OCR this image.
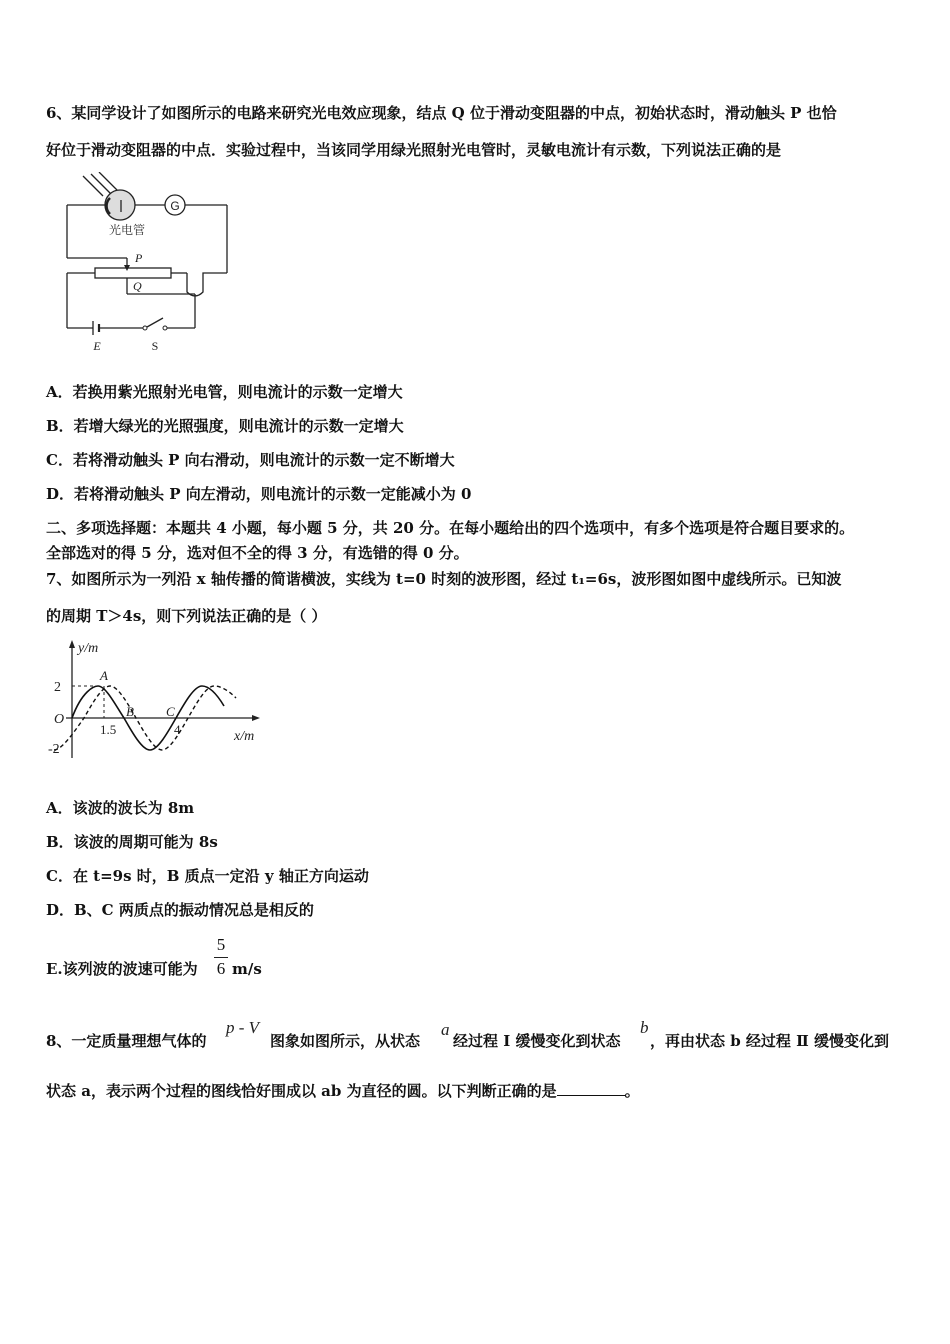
6、某同学设计了如图所示的电路来研究光电效应现象，结点 Q 位于滑动变阻器的中点，初始状态时，滑动触头 P 也恰
好位于滑动变阻器的中点．实验过程中，当该同学用绿光照射光电管时，灵敏电流计有示数，下列说法正确的是
G
光电管
P
Q
E	S
A．若换用紫光照射光电管，则电流计的示数一定增大
B．若增大绿光的光照强度，则电流计的示数一定增大
C．若将滑动触头 P 向右滑动，则电流计的示数一定不断增大
D．若将滑动触头 P 向左滑动，则电流计的示数一定能减小为 0
二、多项选择题：本题共 4 小题，每小题 5 分，共 20 分。在每小题给出的四个选项中，有多个选项是符合题目要求的。
全部选对的得 5 分，选对但不全的得 3 分，有选错的得 0 分。
7、如图所示为一列沿 x 轴传播的简谐横波，实线为 t=0 时刻的波形图，经过 t₁=6s，波形图如图中虚线所示。已知波
的周期 T＞4s，则下列说法正确的是（ ）
y/m
x/m
O
2
-2
1.5	4
A
B C
A．该波的波长为 8m
B．该波的周期可能为 8s
C．在 t=9s 时，B 质点一定沿 y 轴正方向运动
D．B、C 两质点的振动情况总是相反的
E.该列波的波速可能为
5
6 m/s
8、一定质量理想气体的
p - V
图象如图所示，从状态
a
经过程 Ⅰ 缓慢变化到状态
b
，再由状态 b 经过程 Ⅱ 缓慢变化到
状态 a，表示两个过程的图线恰好围成以 ab 为直径的圆。以下判断正确的是	。
